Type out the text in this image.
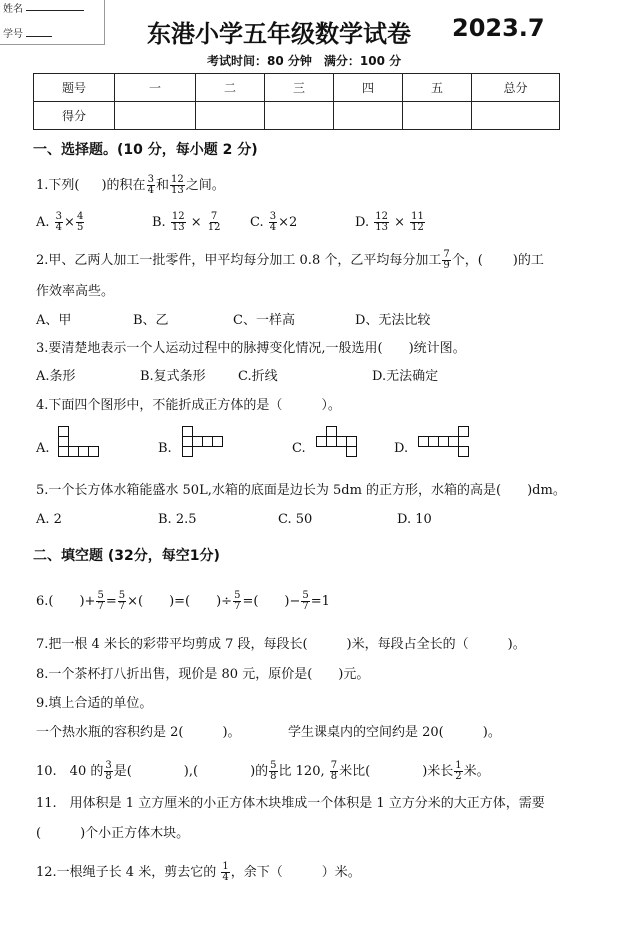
姓名
学号	东港小学五年级数学试卷 2023.7
考试时间：80 分钟　满分：100 分
题号	一	二	三	四	五	总分
得分						
一、选择题。(10 分，每小题 2 分)
1.下列( )的积在 $\frac{3}{4}$ 和 $\frac{12}{13}$ 之间。
A. $\frac{3}{4} \times \frac{4}{5}$	B. $\frac{12}{13} \times \frac{7}{12} C$. $\frac{3}{4} \times 2$	D. $\frac{12}{13} \times \frac{11}{12}$
2.甲、乙两人加工一批零件，甲平均每分加工 0.8 个，乙平均每分加工 $\frac{7}{9}$ 个，( )的工
作效率高些。
A、甲	B、乙	C、一样高	D、无法比较
3.要清楚地表示一个人运动过程中的脉搏变化情况,一般选用(　　)统计图。
A.条形	B.复式条形 C.折线	D.无法确定
4.下面四个图形中，不能折成正方体的是（　　　）。
A.	B.	C.	D.
5.一个长方体水箱能盛水 50L,水箱的底面是边长为 5dm 的正方形，水箱的高是(　　)dm。
A. 2	B. 2.5	C. 50	D. 10
二、填空题 (32分，每空1分)
6.(　　)+ $\frac{5}{7} = \frac{5}{7}$ ×(　　)=(　　)÷ $\frac{5}{7}$ =(　　)− $\frac{5}{7} =1$
7.把一根 4 米长的彩带平均剪成 7 段，每段长(　　　)米，每段占全长的（　　　)。
8.一个茶杯打八折出售，现价是 80 元，原价是(　　)元。
9.填上合适的单位。
一个热水瓶的容积约是 2(　　　)。	学生课桌内的空间约是 20(　　　)。
10.　40 的 $\frac{3}{8}$ 是(　　　　),(　　　　)的 $\frac{5}{8}$ 比 120, $\frac{7}{8}$ 米比(　　　　)米长 $\frac{1}{2}$ 米。
11.　用体积是 1 立方厘米的小正方体木块堆成一个体积是 1 立方分米的大正方体，需要
(　　　)个小正方体木块。
12.一根绳子长 4 米，剪去它的 $\frac{1}{4}$ ，余下（　　　）米。
